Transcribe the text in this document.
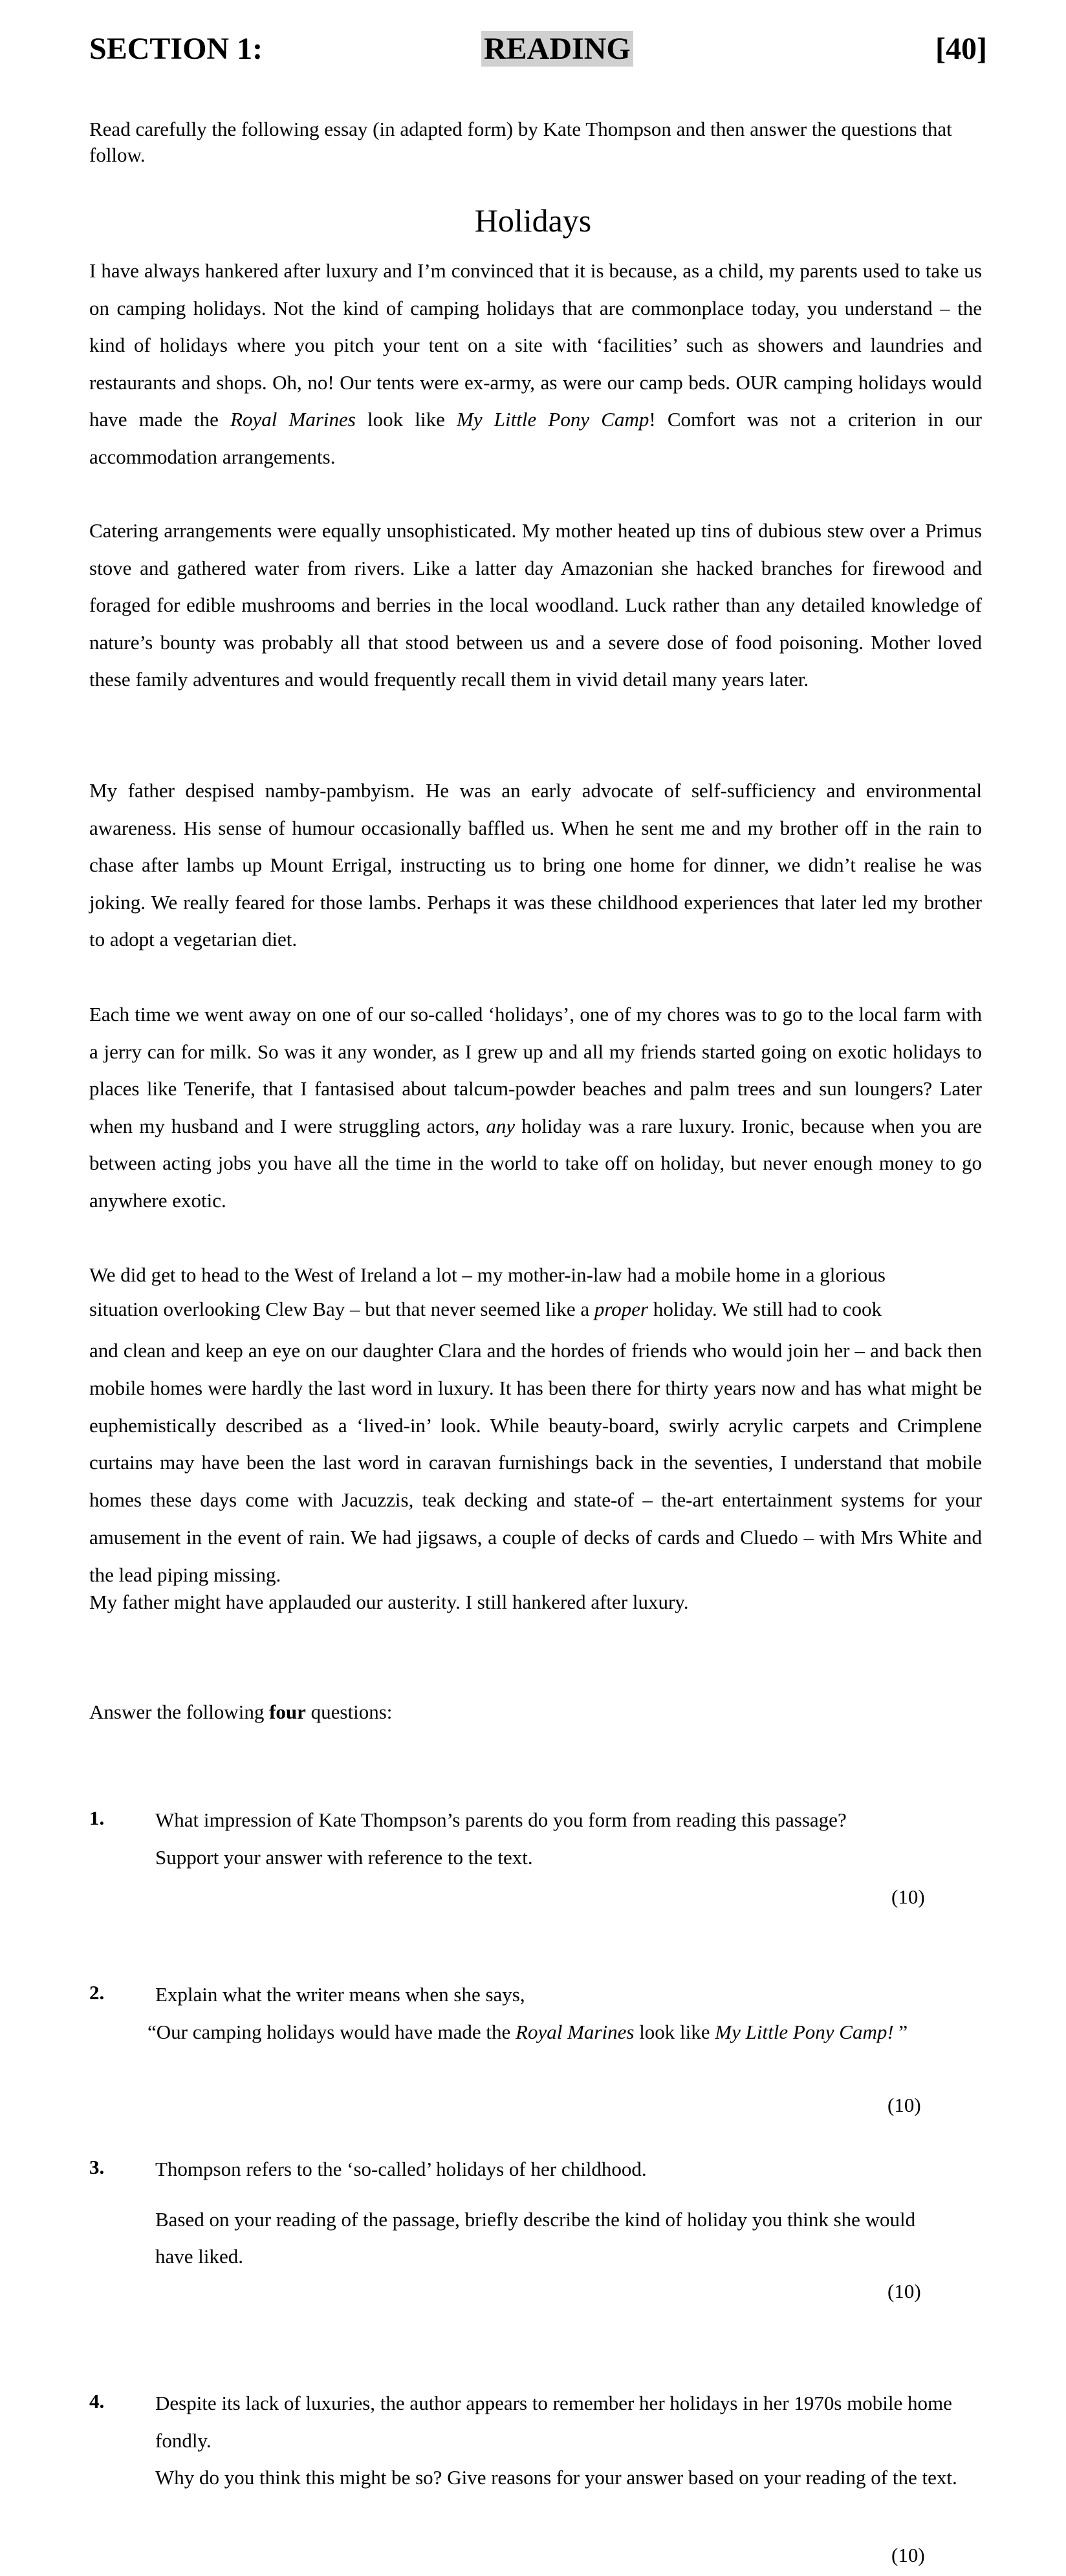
SECTION 1:	READING	[40]
Read carefully the following essay (in adapted form) by Kate Thompson and then answer the questions that follow.
Holidays

I have always hankered after luxury and I’m convinced that it is because, as a child, my parents used to take us on camping holidays. Not the kind of camping holidays that are commonplace today, you understand – the kind of holidays where you pitch your tent on a site with ‘facilities’ such as showers and laundries and restaurants and shops. Oh, no! Our tents were ex-army, as were our camp beds. OUR camping holidays would have made the Royal Marines look like My Little Pony Camp! Comfort was not a criterion in our accommodation arrangements.

Catering arrangements were equally unsophisticated. My mother heated up tins of dubious stew over a Primus stove and gathered water from rivers. Like a latter day Amazonian she hacked branches for firewood and foraged for edible mushrooms and berries in the local woodland. Luck rather than any detailed knowledge of nature’s bounty was probably all that stood between us and a severe dose of food poisoning. Mother loved these family adventures and would frequently recall them in vivid detail many years later.

My father despised namby-pambyism. He was an early advocate of self-sufficiency and environmental awareness. His sense of humour occasionally baffled us. When he sent me and my brother off in the rain to chase after lambs up Mount Errigal, instructing us to bring one home for dinner, we didn’t realise he was joking. We really feared for those lambs. Perhaps it was these childhood experiences that later led my brother to adopt a vegetarian diet.

Each time we went away on one of our so-called ‘holidays’, one of my chores was to go to the local farm with a jerry can for milk. So was it any wonder, as I grew up and all my friends started going on exotic holidays to places like Tenerife, that I fantasised about talcum-powder beaches and palm trees and sun loungers? Later when my husband and I were struggling actors, any holiday was a rare luxury. Ironic, because when you are between acting jobs you have all the time in the world to take off on holiday, but never enough money to go anywhere exotic.

We did get to head to the West of Ireland a lot – my mother-in-law had a mobile home in a glorious

situation overlooking Clew Bay – but that never seemed like a proper holiday. We still had to cook

and clean and keep an eye on our daughter Clara and the hordes of friends who would join her – and back then mobile homes were hardly the last word in luxury. It has been there for thirty years now and has what might be euphemistically described as a ‘lived-in’ look. While beauty-board, swirly acrylic carpets and Crimplene curtains may have been the last word in caravan furnishings back in the seventies, I understand that mobile homes these days come with Jacuzzis, teak decking and state-of – the-art entertainment systems for your amusement in the event of rain. We had jigsaws, a couple of decks of cards and Cluedo – with Mrs White and the lead piping missing.

My father might have applauded our austerity. I still hankered after luxury.

Answer the following four questions:
1.	What impression of Kate Thompson’s parents do you form from reading this passage?
Support your answer with reference to the text.
(10)
2.	Explain what the writer means when she says,
“Our camping holidays would have made the Royal Marines look like My Little Pony Camp! ”
(10)
3.	Thompson refers to the ‘so-called’ holidays of her childhood.
Based on your reading of the passage, briefly describe the kind of holiday you think she would have liked.
(10)
4.	Despite its lack of luxuries, the author appears to remember her holidays in her 1970s mobile home fondly.
Why do you think this might be so? Give reasons for your answer based on your reading of the text.
(10)
